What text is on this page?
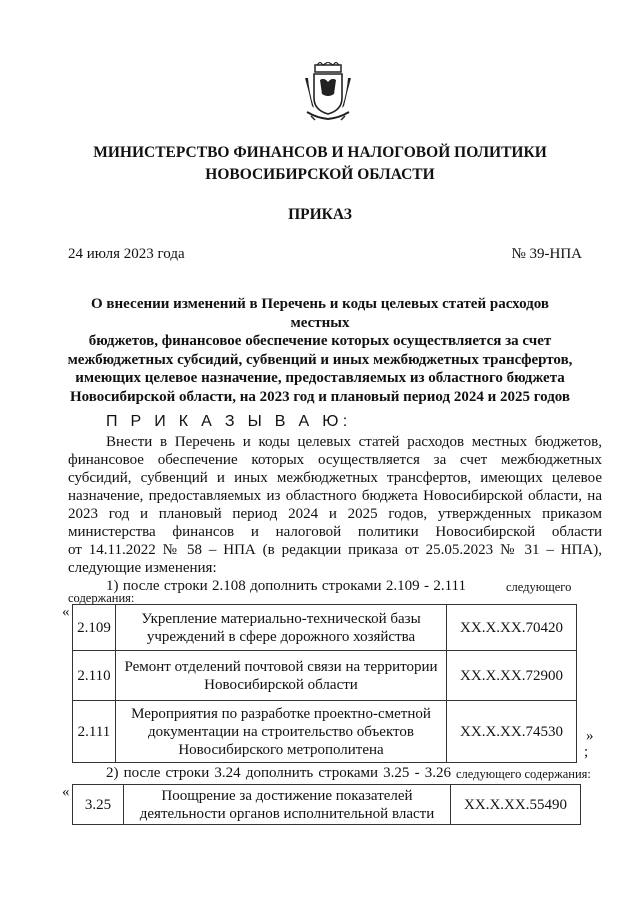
МИНИСТЕРСТВО ФИНАНСОВ И НАЛОГОВОЙ ПОЛИТИКИ
НОВОСИБИРСКОЙ ОБЛАСТИ
ПРИКАЗ
24 июля 2023 года	№ 39-НПА
О внесении изменений в Перечень и коды целевых статей расходов местных
бюджетов, финансовое обеспечение которых осуществляется за счет
межбюджетных субсидий, субвенций и иных межбюджетных трансфертов,
имеющих целевое назначение, предоставляемых из областного бюджета
Новосибирской области, на 2023 год и плановый период 2024 и 2025 годов
П Р И К А З Ы В А Ю:
Внести в Перечень и коды целевых статей расходов местных бюджетов,
финансовое обеспечение которых осуществляется за счет межбюджетных
субсидий, субвенций и иных межбюджетных трансфертов, имеющих целевое
назначение, предоставляемых из областного бюджета Новосибирской области, на
2023 год и плановый период 2024 и 2025 годов, утвержденных приказом
министерства финансов и налоговой политики Новосибирской области
от 14.11.2022 № 58 – НПА (в редакции приказа от 25.05.2023 № 31 – НПА),
следующие изменения:
1) после строки 2.108 дополнить строками 2.109 - 2.111	следующего
содержания:
«
2.109	Укрепление материально-технической базы
учреждений в сфере дорожного хозяйства	XX.X.XX.70420
2.110	Ремонт отделений почтовой связи на территории
Новосибирской области	XX.X.XX.72900
2.111	Мероприятия по разработке проектно-сметной
документации на строительство объектов
Новосибирского метрополитена	XX.X.XX.74530 »
;
2) после строки 3.24 дополнить строками 3.25 - 3.26 следующего содержания:
«
3.25	
Поощрение за достижение показателей
деятельности органов исполнительной власти
	XX.X.XX.55490
